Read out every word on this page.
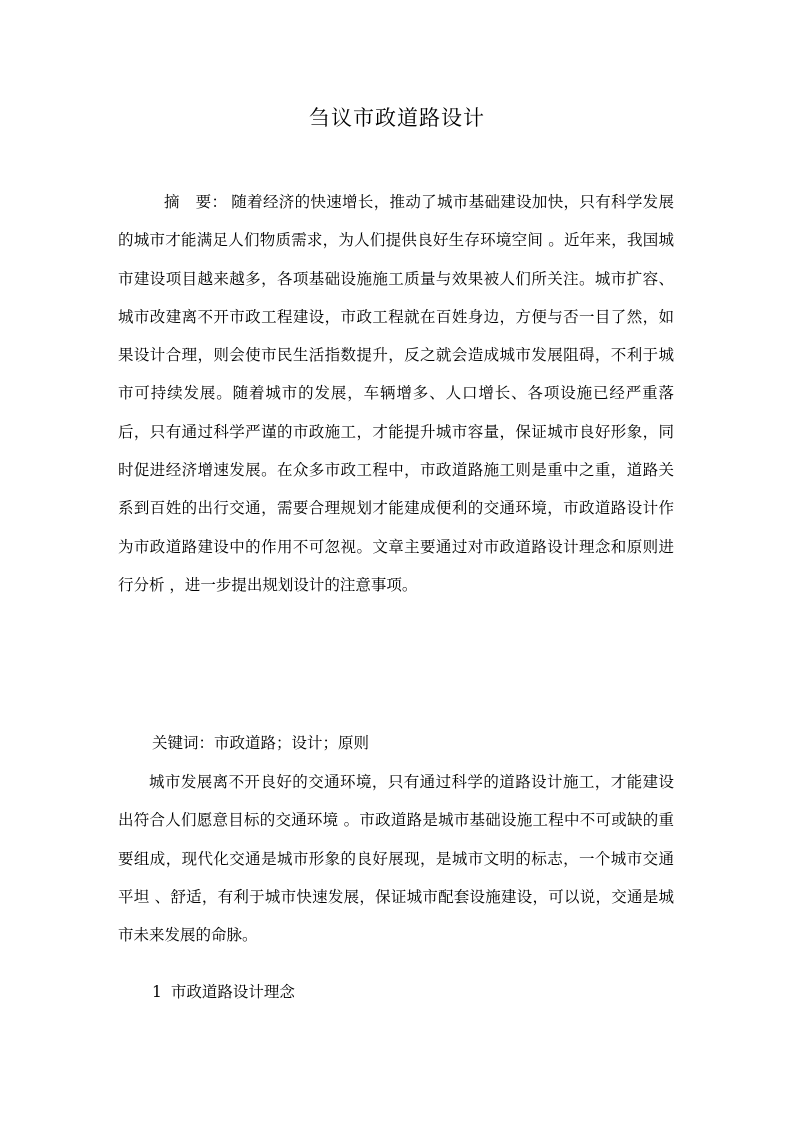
刍议市政道路设计

摘　要： 随着经济的快速增长，推动了城市基础建设加快，只有科学发展的城市才能满足人们物质需求，为人们提供良好生存环境空间 。近年来，我国城市建设项目越来越多，各项基础设施施工质量与效果被人们所关注。城市扩容、城市改建离不开市政工程建设，市政工程就在百姓身边，方便与否一目了然，如果设计合理，则会使市民生活指数提升，反之就会造成城市发展阻碍，不利于城市可持续发展。随着城市的发展，车辆增多、人口增长、各项设施已经严重落后，只有通过科学严谨的市政施工，才能提升城市容量，保证城市良好形象，同时促进经济增速发展。在众多市政工程中，市政道路施工则是重中之重，道路关系到百姓的出行交通，需要合理规划才能建成便利的交通环境，市政道路设计作为市政道路建设中的作用不可忽视。文章主要通过对市政道路设计理念和原则进行分析 ，进一步提出规划设计的注意事项。

关键词：市政道路；设计；原则

城市发展离不开良好的交通环境，只有通过科学的道路设计施工，才能建设出符合人们愿意目标的交通环境 。市政道路是城市基础设施工程中不可或缺的重要组成，现代化交通是城市形象的良好展现，是城市文明的标志，一个城市交通平坦 、舒适，有利于城市快速发展，保证城市配套设施建设，可以说，交通是城市未来发展的命脉。

1 市政道路设计理念
